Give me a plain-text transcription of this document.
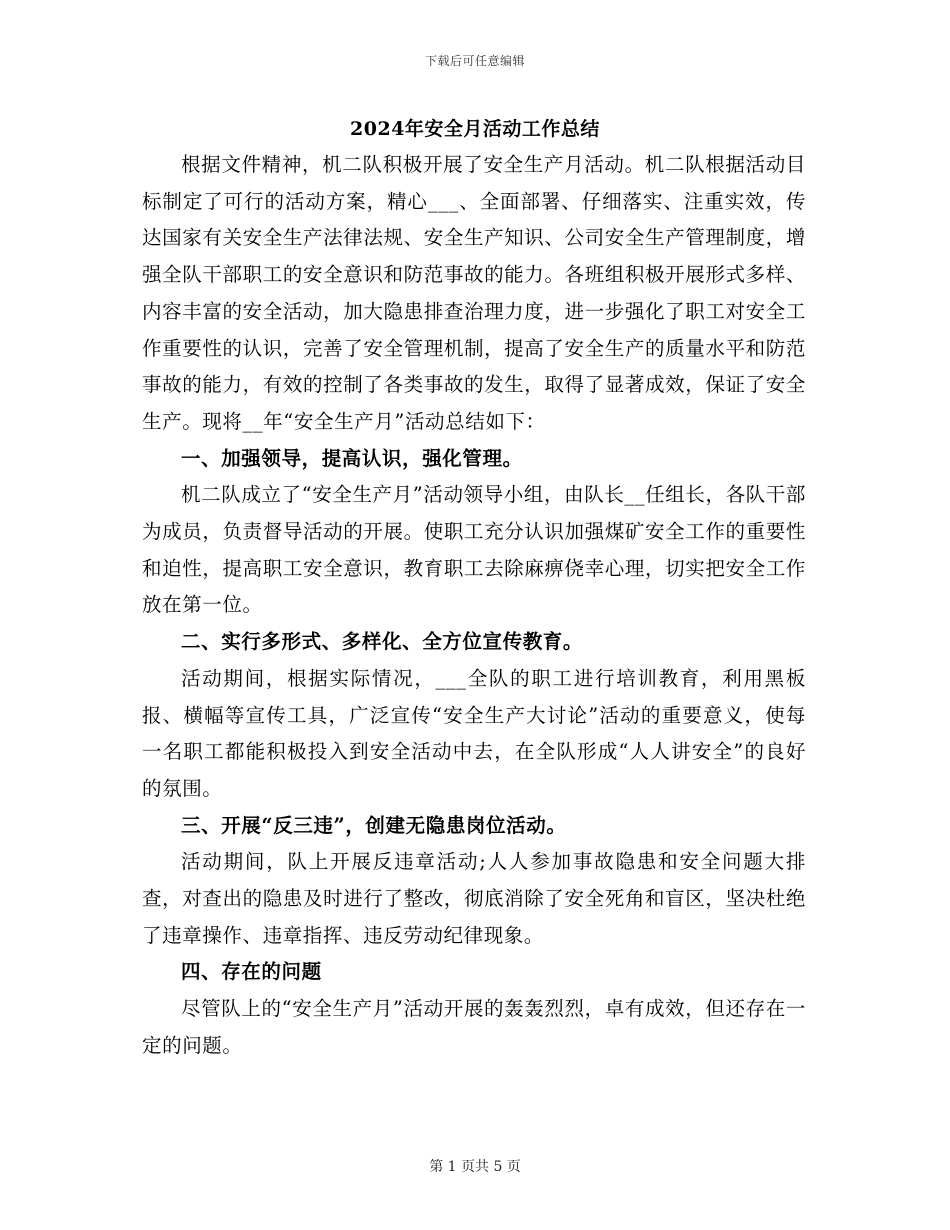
下载后可任意编辑
2024年安全月活动工作总结

根据文件精神，机二队积极开展了安全生产月活动。机二队根据活动目标制定了可行的活动方案，精心___、全面部署、仔细落实、注重实效，传达国家有关安全生产法律法规、安全生产知识、公司安全生产管理制度，增强全队干部职工的安全意识和防范事故的能力。各班组积极开展形式多样、内容丰富的安全活动，加大隐患排查治理力度，进一步强化了职工对安全工作重要性的认识，完善了安全管理机制，提高了安全生产的质量水平和防范事故的能力，有效的控制了各类事故的发生，取得了显著成效，保证了安全生产。现将__年“安全生产月”活动总结如下：

一、加强领导，提高认识，强化管理。

机二队成立了“安全生产月”活动领导小组，由队长__任组长，各队干部为成员，负责督导活动的开展。使职工充分认识加强煤矿安全工作的重要性和迫性，提高职工安全意识，教育职工去除麻痹侥幸心理，切实把安全工作放在第一位。

二、实行多形式、多样化、全方位宣传教育。

活动期间，根据实际情况，___全队的职工进行培训教育，利用黑板报、横幅等宣传工具，广泛宣传“安全生产大讨论”活动的重要意义，使每一名职工都能积极投入到安全活动中去，在全队形成“人人讲安全”的良好的氛围。

三、开展“反三违”，创建无隐患岗位活动。

活动期间，队上开展反违章活动;人人参加事故隐患和安全问题大排查，对查出的隐患及时进行了整改，彻底消除了安全死角和盲区，坚决杜绝了违章操作、违章指挥、违反劳动纪律现象。

四、存在的问题

尽管队上的“安全生产月”活动开展的轰轰烈烈，卓有成效，但还存在一定的问题。

第 1 页共 5 页
